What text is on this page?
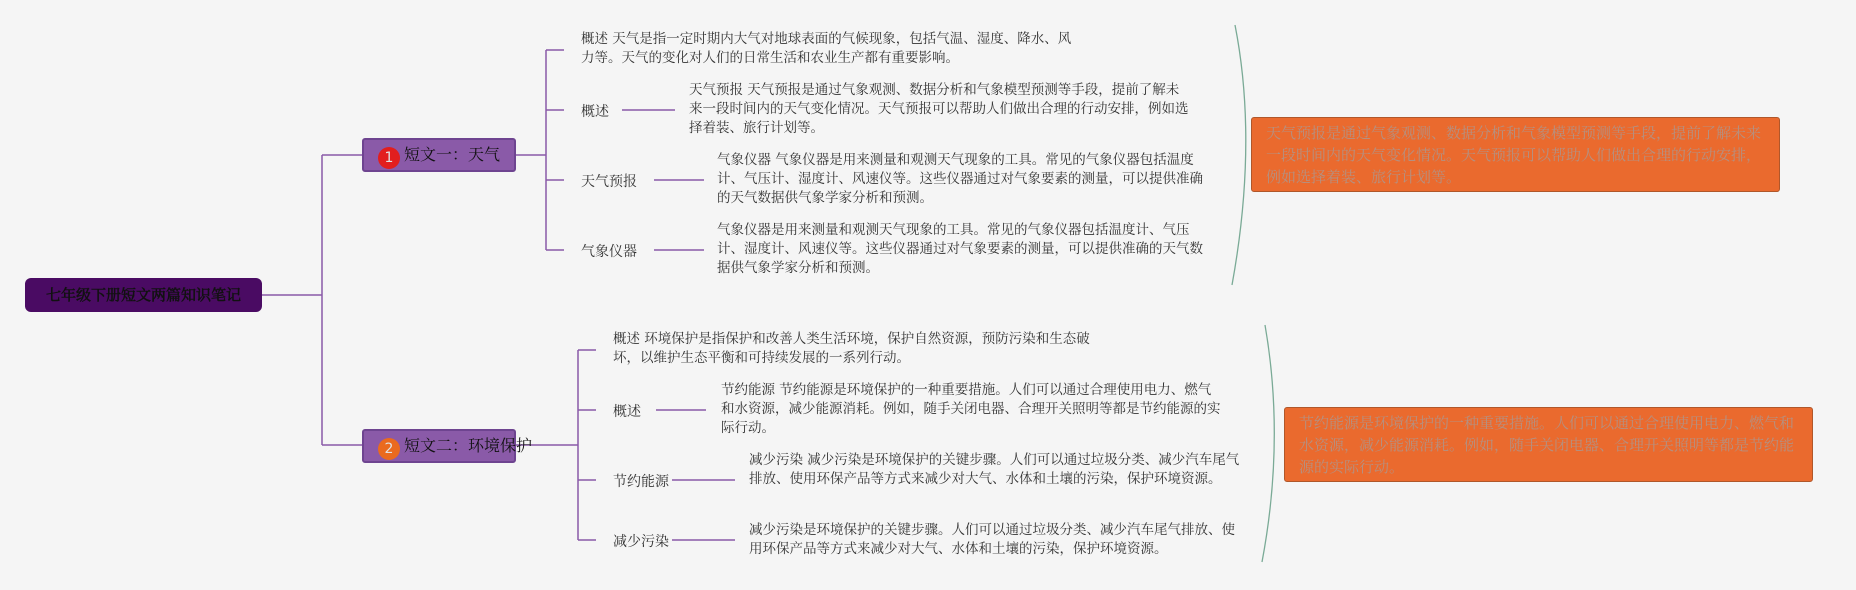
七年级下册短文两篇知识笔记
1 短文一：天气
概述 天气是指一定时期内大气对地球表面的气候现象，包括气温、湿度、降水、风力等。天气的变化对人们的日常生活和农业生产都有重要影响。
概述
天气预报 天气预报是通过气象观测、数据分析和气象模型预测等手段，提前了解未来一段时间内的天气变化情况。天气预报可以帮助人们做出合理的行动安排，例如选择着装、旅行计划等。
天气预报
气象仪器 气象仪器是用来测量和观测天气现象的工具。常见的气象仪器包括温度计、气压计、湿度计、风速仪等。这些仪器通过对气象要素的测量，可以提供准确的天气数据供气象学家分析和预测。
气象仪器
气象仪器是用来测量和观测天气现象的工具。常见的气象仪器包括温度计、气压计、湿度计、风速仪等。这些仪器通过对气象要素的测量，可以提供准确的天气数据供气象学家分析和预测。
天气预报是通过气象观测、数据分析和气象模型预测等手段，提前了解未来一段时间内的天气变化情况。天气预报可以帮助人们做出合理的行动安排，例如选择着装、旅行计划等。
2 短文二：环境保护
概述 环境保护是指保护和改善人类生活环境，保护自然资源，预防污染和生态破坏，以维护生态平衡和可持续发展的一系列行动。
概述
节约能源 节约能源是环境保护的一种重要措施。人们可以通过合理使用电力、燃气和水资源，减少能源消耗。例如，随手关闭电器、合理开关照明等都是节约能源的实际行动。
节约能源
减少污染 减少污染是环境保护的关键步骤。人们可以通过垃圾分类、减少汽车尾气排放、使用环保产品等方式来减少对大气、水体和土壤的污染，保护环境资源。
减少污染
减少污染是环境保护的关键步骤。人们可以通过垃圾分类、减少汽车尾气排放、使用环保产品等方式来减少对大气、水体和土壤的污染，保护环境资源。
节约能源是环境保护的一种重要措施。人们可以通过合理使用电力、燃气和水资源，减少能源消耗。例如，随手关闭电器、合理开关照明等都是节约能源的实际行动。
